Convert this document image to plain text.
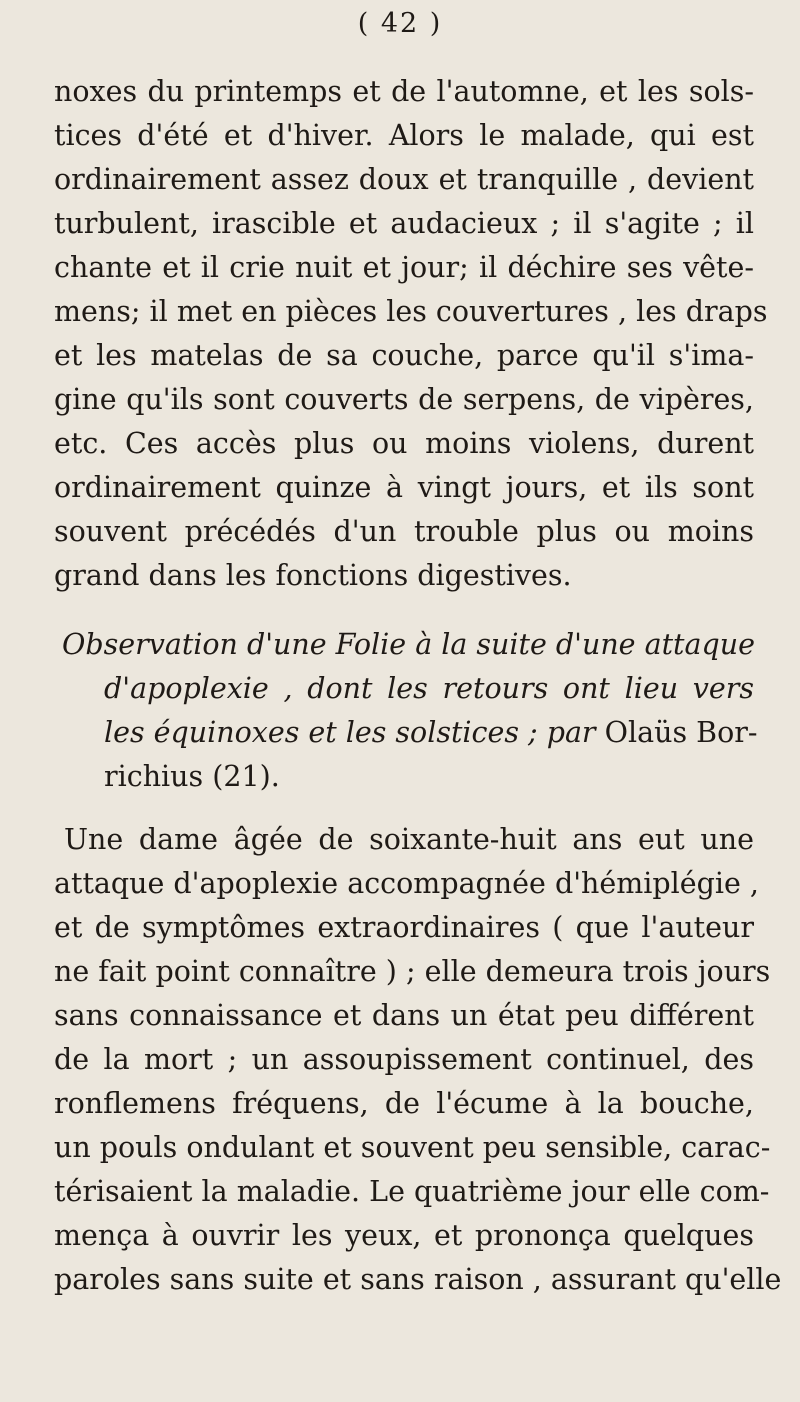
( 42 )
noxes du printemps et de l'automne, et les sols-
tices d'été et d'hiver. Alors le malade, qui est
ordinairement assez doux et tranquille , devient
turbulent, irascible et audacieux ; il s'agite ; il
chante et il crie nuit et jour; il déchire ses vête-
mens; il met en pièces les couvertures , les draps
et les matelas de sa couche, parce qu'il s'ima-
gine qu'ils sont couverts de serpens, de vipères,
etc. Ces accès plus ou moins violens, durent
ordinairement quinze à vingt jours, et ils sont
souvent précédés d'un trouble plus ou moins
grand dans les fonctions digestives.
Observation d'une Folie à la suite d'une attaque
d'apoplexie , dont les retours ont lieu vers
les équinoxes et les solstices ; par Olaüs Bor-
richius (21).
Une dame âgée de soixante-huit ans eut une
attaque d'apoplexie accompagnée d'hémiplégie ,
et de symptômes extraordinaires ( que l'auteur
ne fait point connaître ) ; elle demeura trois jours
sans connaissance et dans un état peu différent
de la mort ; un assoupissement continuel, des
ronflemens fréquens, de l'écume à la bouche,
un pouls ondulant et souvent peu sensible, carac-
térisaient la maladie. Le quatrième jour elle com-
mença à ouvrir les yeux, et prononça quelques
paroles sans suite et sans raison , assurant qu'elle
